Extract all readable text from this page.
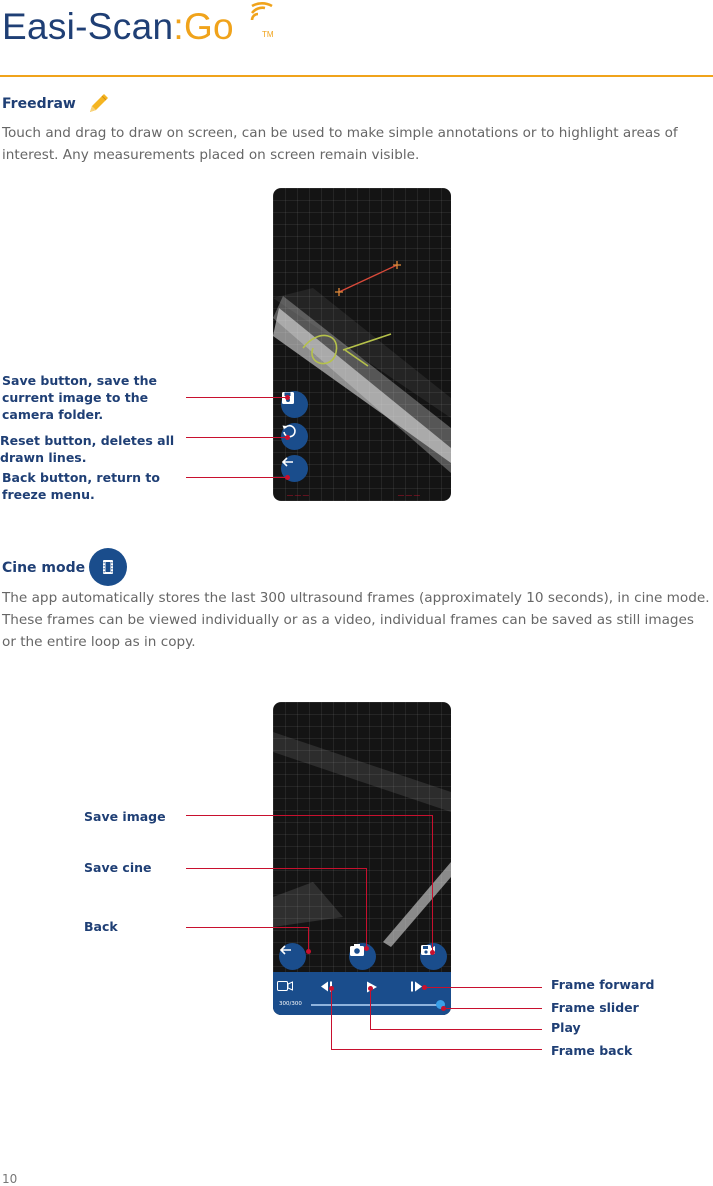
Easi-Scan:Go	TM
Freedraw
Touch and drag to draw on screen, can be used to make simple annotations or to highlight areas of interest. Any measurements placed on screen remain visible.
__ __ __	__ __ __
Save button, save the current image to the camera folder.
Reset button, deletes all drawn lines.
Back button, return to freeze menu.
Cine mode
The app automatically stores the last 300 ultrasound frames (approximately 10 seconds), in cine mode. These frames can be viewed individually or as a video, individual frames can be saved as still images or the entire loop as in copy.
300/300
Save image
Save cine
Back
Frame forward
Frame slider
Play
Frame back
10
